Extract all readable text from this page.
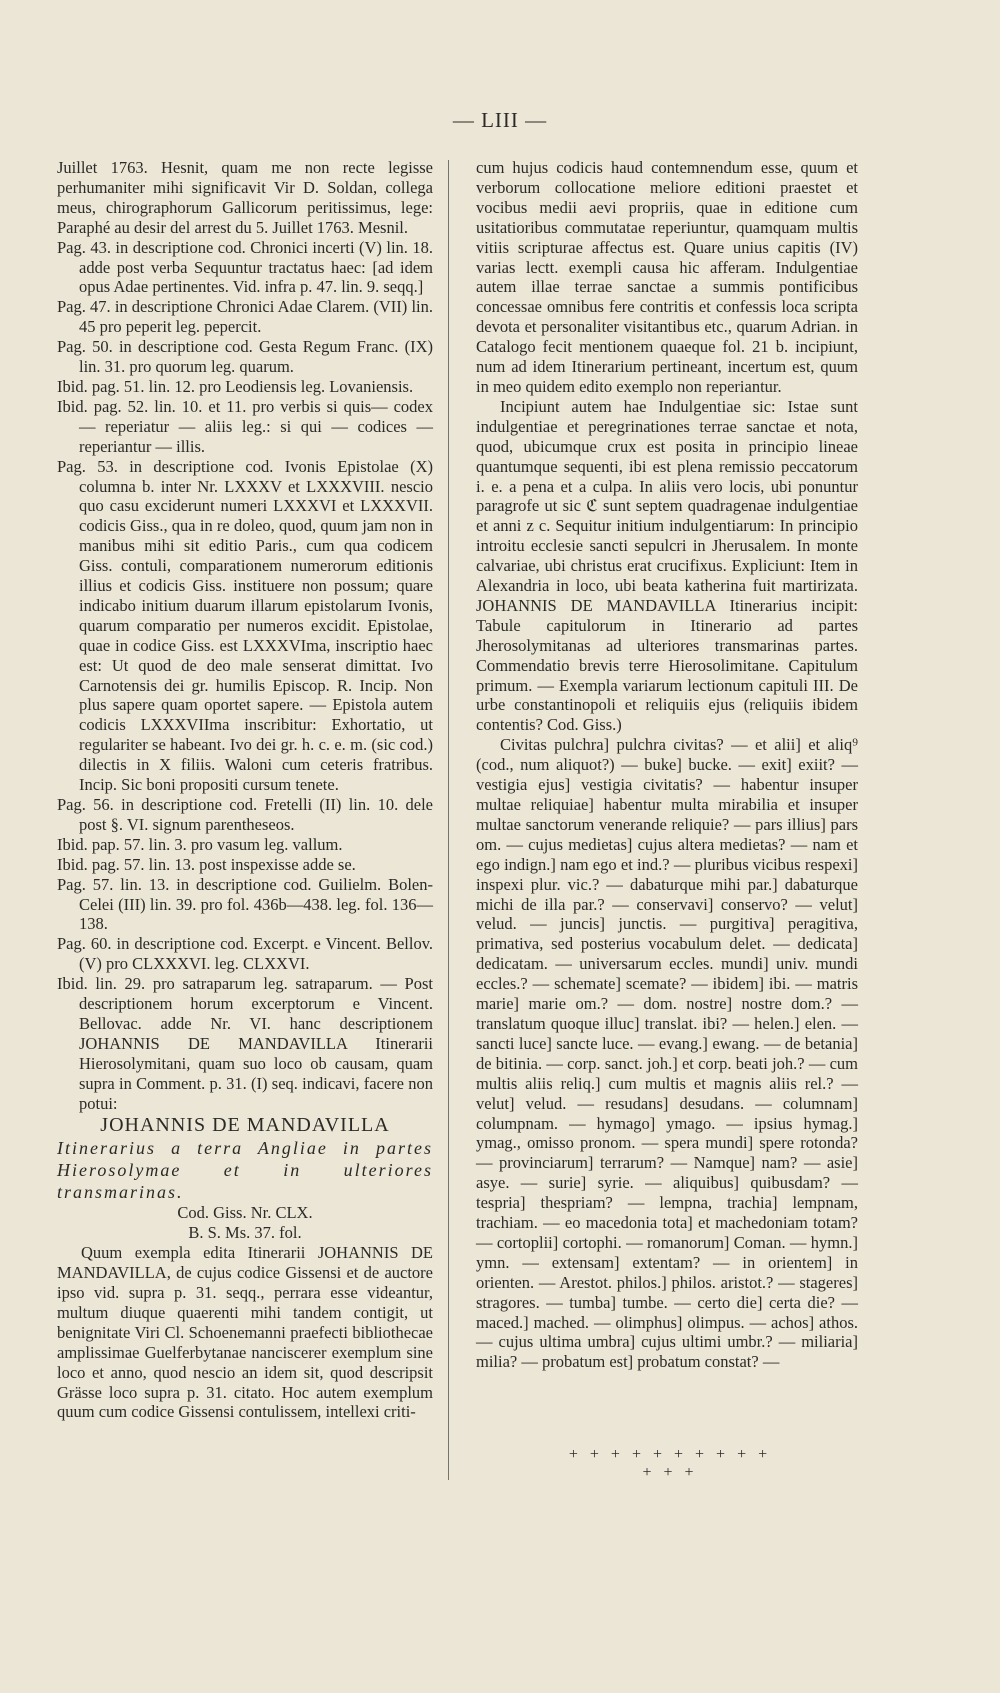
— LIII —

Juillet 1763. Hesnit, quam me non recte legisse perhumaniter mihi significavit Vir D. Soldan, collega meus, chirographorum Gallicorum peritissimus, lege: Paraphé au desir del arrest du 5. Juillet 1763. Mesnil.

Pag. 43. in descriptione cod. Chronici incerti (V) lin. 18. adde post verba Sequuntur tractatus haec: [ad idem opus Adae pertinentes. Vid. infra p. 47. lin. 9. seqq.]

Pag. 47. in descriptione Chronici Adae Clarem. (VII) lin. 45 pro peperit leg. pepercit.

Pag. 50. in descriptione cod. Gesta Regum Franc. (IX) lin. 31. pro quorum leg. quarum.

Ibid. pag. 51. lin. 12. pro Leodiensis leg. Lovaniensis.

Ibid. pag. 52. lin. 10. et 11. pro verbis si quis— codex — reperiatur — aliis leg.: si qui — codices — reperiantur — illis.

Pag. 53. in descriptione cod. Ivonis Epistolae (X) columna b. inter Nr. LXXXV et LXXXVIII. nescio quo casu exciderunt numeri LXXXVI et LXXXVII. codicis Giss., qua in re doleo, quod, quum jam non in manibus mihi sit editio Paris., cum qua codicem Giss. contuli, comparationem numerorum editionis illius et codicis Giss. instituere non possum; quare indicabo initium duarum illarum epistolarum Ivonis, quarum comparatio per numeros excidit. Epistolae, quae in codice Giss. est LXXXVIma, inscriptio haec est: Ut quod de deo male senserat dimittat. Ivo Carnotensis dei gr. humilis Episcop. R. Incip. Non plus sapere quam oportet sapere. — Epistola autem codicis LXXXVIIma inscribitur: Exhortatio, ut regulariter se habeant. Ivo dei gr. h. c. e. m. (sic cod.) dilectis in X filiis. Waloni cum ceteris fratribus. Incip. Sic boni propositi cursum tenete.

Pag. 56. in descriptione cod. Fretelli (II) lin. 10. dele post §. VI. signum parentheseos.

Ibid. pap. 57. lin. 3. pro vasum leg. vallum.

Ibid. pag. 57. lin. 13. post inspexisse adde se.

Pag. 57. lin. 13. in descriptione cod. Guilielm. Bolen-Celei (III) lin. 39. pro fol. 436b—438. leg. fol. 136—138.

Pag. 60. in descriptione cod. Excerpt. e Vincent. Bellov. (V) pro CLXXXVI. leg. CLXXVI.

Ibid. lin. 29. pro satraparum leg. satraparum. — Post descriptionem horum excerptorum e Vincent. Bellovac. adde Nr. VI. hanc descriptionem JOHANNIS DE MANDAVILLA Itinerarii Hierosolymitani, quam suo loco ob causam, quam supra in Comment. p. 31. (I) seq. indicavi, facere non potui:

JOHANNIS DE MANDAVILLA

Itinerarius a terra Angliae in partes Hierosolymae et in ulteriores transmarinas.

Cod. Giss. Nr. CLX.

B. S. Ms. 37. fol.

Quum exempla edita Itinerarii JOHANNIS DE MANDAVILLA, de cujus codice Gissensi et de auctore ipso vid. supra p. 31. seqq., perrara esse videantur, multum diuque quaerenti mihi tandem contigit, ut benignitate Viri Cl. Schoenemanni praefecti bibliothecae amplissimae Guelferbytanae nanciscerer exemplum sine loco et anno, quod nescio an idem sit, quod descripsit Grässe loco supra p. 31. citato. Hoc autem exemplum quum cum codice Gissensi contulissem, intellexi criti-

cum hujus codicis haud contemnendum esse, quum et verborum collocatione meliore editioni praestet et vocibus medii aevi propriis, quae in editione cum usitatioribus commutatae reperiuntur, quamquam multis vitiis scripturae affectus est. Quare unius capitis (IV) varias lectt. exempli causa hic afferam. Indulgentiae autem illae terrae sanctae a summis pontificibus concessae omnibus fere contritis et confessis loca scripta devota et personaliter visitantibus etc., quarum Adrian. in Catalogo fecit mentionem quaeque fol. 21 b. incipiunt, num ad idem Itinerarium pertineant, incertum est, quum in meo quidem edito exemplo non reperiantur.

Incipiunt autem hae Indulgentiae sic: Istae sunt indulgentiae et peregrinationes terrae sanctae et nota, quod, ubicumque crux est posita in principio lineae quantumque sequenti, ibi est plena remissio peccatorum i. e. a pena et a culpa. In aliis vero locis, ubi ponuntur paragrofe ut sic ℭ sunt septem quadragenae indulgentiae et anni z c. Sequitur initium indulgentiarum: In principio introitu ecclesie sancti sepulcri in Jherusalem. In monte calvariae, ubi christus erat crucifixus. Expliciunt: Item in Alexandria in loco, ubi beata katherina fuit martirizata. JOHANNIS DE MANDAVILLA Itinerarius incipit: Tabule capitulorum in Itinerario ad partes Jherosolymitanas ad ulteriores transmarinas partes. Commendatio brevis terre Hierosolimitane. Capitulum primum. — Exempla variarum lectionum capituli III. De urbe constantinopoli et reliquiis ejus (reliquiis ibidem contentis? Cod. Giss.)

Civitas pulchra] pulchra civitas? — et alii] et aliq⁹ (cod., num aliquot?) — buke] bucke. — exit] exiit? — vestigia ejus] vestigia civitatis? — habentur insuper multae reliquiae] habentur multa mirabilia et insuper multae sanctorum venerande reliquie? — pars illius] pars om. — cujus medietas] cujus altera medietas? — nam et ego indign.] nam ego et ind.? — pluribus vicibus respexi] inspexi plur. vic.? — dabaturque mihi par.] dabaturque michi de illa par.? — conservavi] conservo? — velut] velud. — juncis] junctis. — purgitiva] peragitiva, primativa, sed posterius vocabulum delet. — dedicata] dedicatam. — universarum eccles. mundi] univ. mundi eccles.? — schemate] scemate? — ibidem] ibi. — matris marie] marie om.? — dom. nostre] nostre dom.? — translatum quoque illuc] translat. ibi? — helen.] elen. — sancti luce] sancte luce. — evang.] ewang. — de betania] de bitinia. — corp. sanct. joh.] et corp. beati joh.? — cum multis aliis reliq.] cum multis et magnis aliis rel.? — velut] velud. — resudans] desudans. — columnam] columpnam. — hymago] ymago. — ipsius hymag.] ymag., omisso pronom. — spera mundi] spere rotonda? — provinciarum] terrarum? — Namque] nam? — asie] asye. — surie] syrie. — aliquibus] quibusdam? — tespria] thespriam? — lempna, trachia] lempnam, trachiam. — eo macedonia tota] et machedoniam totam? — cortoplii] cortophi. — romanorum] Coman. — hymn.] ymn. — extensam] extentam? — in orientem] in orienten. — Arestot. philos.] philos. aristot.? — stageres] stragores. — tumba] tumbe. — certo die] certa die? — maced.] mached. — olimphus] olimpus. — achos] athos. — cujus ultima umbra] cujus ultimi umbr.? — miliaria] milia? — probatum est] probatum constat? —

+ + + + + + + + + + + + +
